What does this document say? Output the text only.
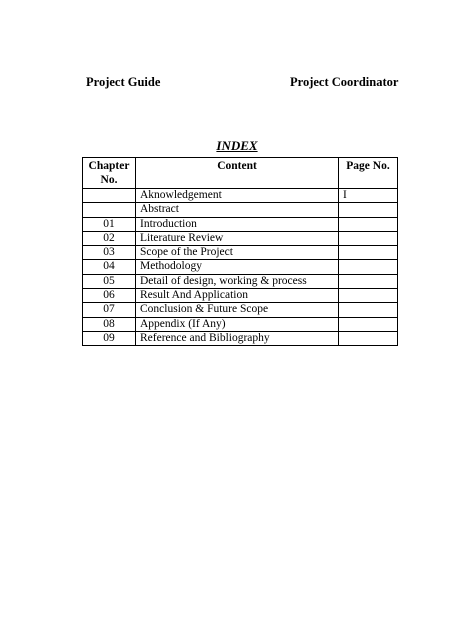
Project Guide	Project Coordinator
INDEX
Chapter No.	Content	Page No.
	Aknowledgement	I
	Abstract	
01	Introduction	
02	Literature Review	
03	Scope of the Project	
04	Methodology	
05	Detail of design, working & process	
06	Result And Application	
07	Conclusion & Future Scope	
08	Appendix (If Any)	
09	Reference and Bibliography	
